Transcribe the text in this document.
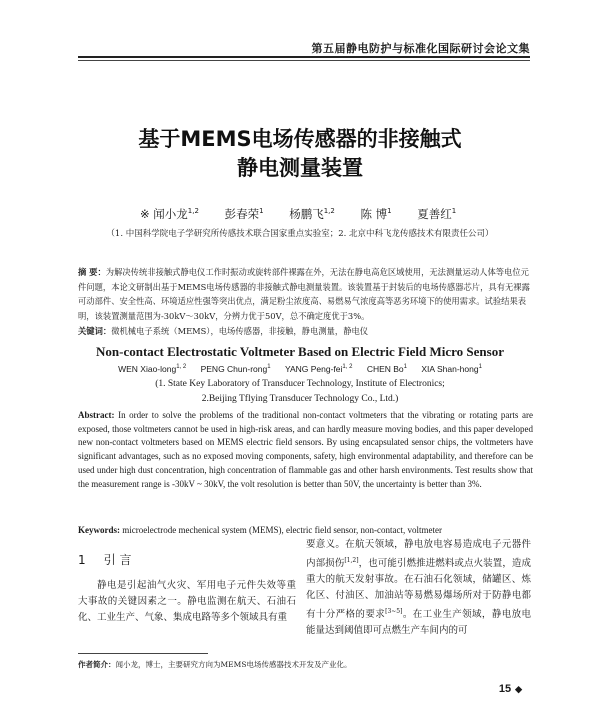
第五届静电防护与标准化国际研讨会论文集
基于MEMS电场传感器的非接触式
静电测量装置
※ 闻小龙$^{1,2}$ 彭春荣$^1$ 杨鹏飞$^{1,2}$ 陈 博$^1$ 夏善红$^1$
（1. 中国科学院电子学研究所传感技术联合国家重点实验室；2. 北京中科飞龙传感技术有限责任公司）
摘 要：为解决传统非接触式静电仪工作时振动或旋转部件裸露在外，无法在静电高危区域使用，无法测量运动人体等电位元件问题，本论文研制出基于MEMS电场传感器的非接触式静电测量装置。该装置基于封装后的电场传感器芯片，具有无裸露可动部件、安全性高、环境适应性强等突出优点，满足粉尘浓度高、易燃易气浓度高等恶劣环境下的使用需求。试验结果表明，该装置测量范围为-30kV～30kV，分辨力优于50V，总不确定度优于3%。
关键词：微机械电子系统（MEMS），电场传感器，非接触，静电测量，静电仪
Non-contact Electrostatic Voltmeter Based on Electric Field Micro Sensor
WEN Xiao-long$^{1, 2}$ PENG Chun-rong$^1$ YANG Peng-fei$^{1, 2}$ CHEN Bo$^1$ XIA Shan-hong$^1$
(1. State Key Laboratory of Transducer Technology, Institute of Electronics;
2.Beijing Tflying Transducer Technology Co., Ltd.)
Abstract: In order to solve the problems of the traditional non-contact voltmeters that the vibrating or rotating parts are exposed, those voltmeters cannot be used in high-risk areas, and can hardly measure moving bodies, and this paper developed new non-contact voltmeters based on MEMS electric field sensors. By using encapsulated sensor chips, the voltmeters have significant advantages, such as no exposed moving components, safety, high environmental adaptability, and therefore can be used under high dust concentration, high concentration of flammable gas and other harsh environments. Test results show that the measurement range is -30kV ~ 30kV, the volt resolution is better than 50V, the uncertainty is better than 3%.
Keywords: microelectrode mechenical system (MEMS), electric field sensor, non-contact, voltmeter
1 引 言
静电是引起油气火灾、军用电子元件失效等重大事故的关键因素之一。静电监测在航天、石油石化、工业生产、气象、集成电路等多个领域具有重
要意义。在航天领域，静电放电容易造成电子元器件内部损伤[1,2]，也可能引燃推进燃料或点火装置，造成重大的航天发射事故。在石油石化领域，储罐区、炼化区、付油区、加油站等易燃易爆场所对于防静电都有十分严格的要求[3~5]。在工业生产领域，静电放电能量达到阈值即可点燃生产车间内的可
作者简介：闻小龙，博士，主要研究方向为MEMS电场传感器技术开发及产业化。
15 ◆
